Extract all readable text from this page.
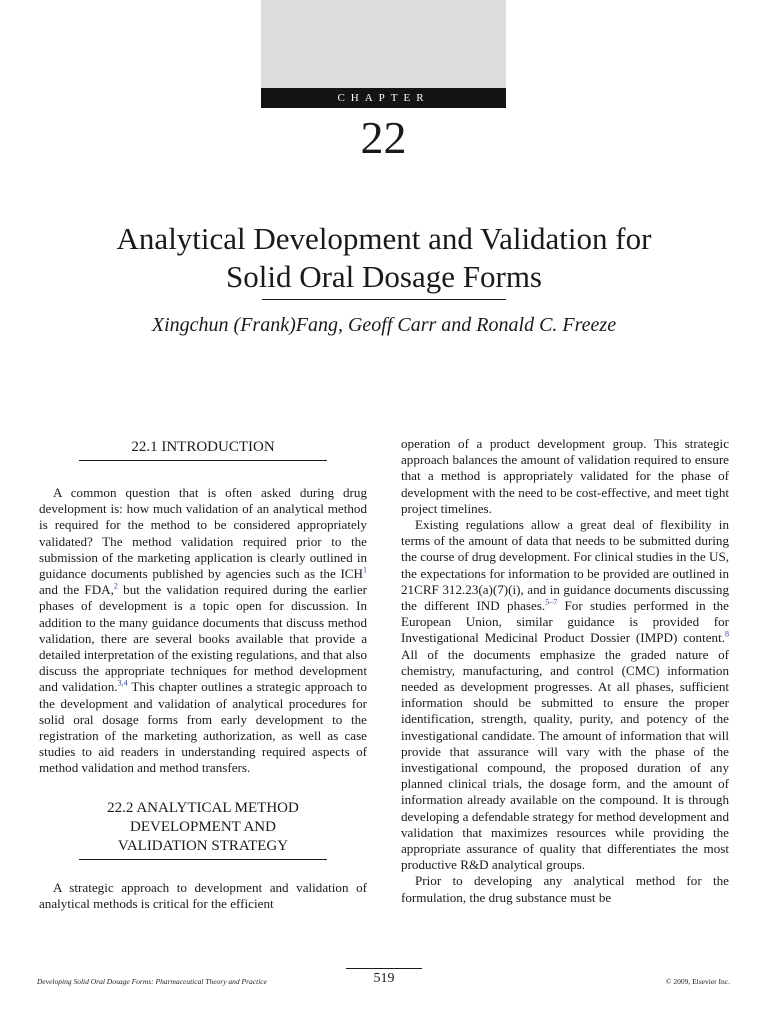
CHAPTER
22
Analytical Development and Validation for
Solid Oral Dosage Forms
Xingchun (Frank)Fang, Geoff Carr and Ronald C. Freeze
22.1 INTRODUCTION

A common question that is often asked during drug development is: how much validation of an analytical method is required for the method to be considered appropriately validated? The method validation required prior to the submission of the marketing application is clearly outlined in guidance documents published by agencies such as the ICH$^1$ and the FDA,$^2$ but the validation required during the earlier phases of development is a topic open for discussion. In addition to the many guidance documents that discuss method validation, there are several books available that provide a detailed interpretation of the existing regulations, and that also discuss the appropriate techniques for method development and validation.$^{3,4}$ This chapter outlines a strategic approach to the development and validation of analytical procedures for solid oral dosage forms from early development to the registration of the marketing authorization, as well as case studies to aid readers in understanding required aspects of method validation and method transfers.

22.2 ANALYTICAL METHOD
DEVELOPMENT AND
VALIDATION STRATEGY

A strategic approach to development and validation of analytical methods is critical for the efficient

operation of a product development group. This strategic approach balances the amount of validation required to ensure that a method is appropriately validated for the phase of development with the need to be cost-effective, and meet tight project timelines.

Existing regulations allow a great deal of flexibility in terms of the amount of data that needs to be submitted during the course of drug development. For clinical studies in the US, the expectations for information to be provided are outlined in 21CRF 312.23(a)(7)(i), and in guidance documents discussing the different IND phases.$^{5-7}$ For studies performed in the European Union, similar guidance is provided for Investigational Medicinal Product Dossier (IMPD) content.$^8$ All of the documents emphasize the graded nature of chemistry, manufacturing, and control (CMC) information needed as development progresses. At all phases, sufficient information should be submitted to ensure the proper identification, strength, quality, purity, and potency of the investigational candidate. The amount of information that will provide that assurance will vary with the phase of the investigational compound, the proposed duration of any planned clinical trials, the dosage form, and the amount of information already available on the compound. It is through developing a defendable strategy for method development and validation that maximizes resources while providing the appropriate assurance of quality that differentiates the most productive R&D analytical groups.

Prior to developing any analytical method for the formulation, the drug substance must be

519
Developing Solid Oral Dosage Forms: Pharmaceutical Theory and Practice	© 2009, Elsevier Inc.
